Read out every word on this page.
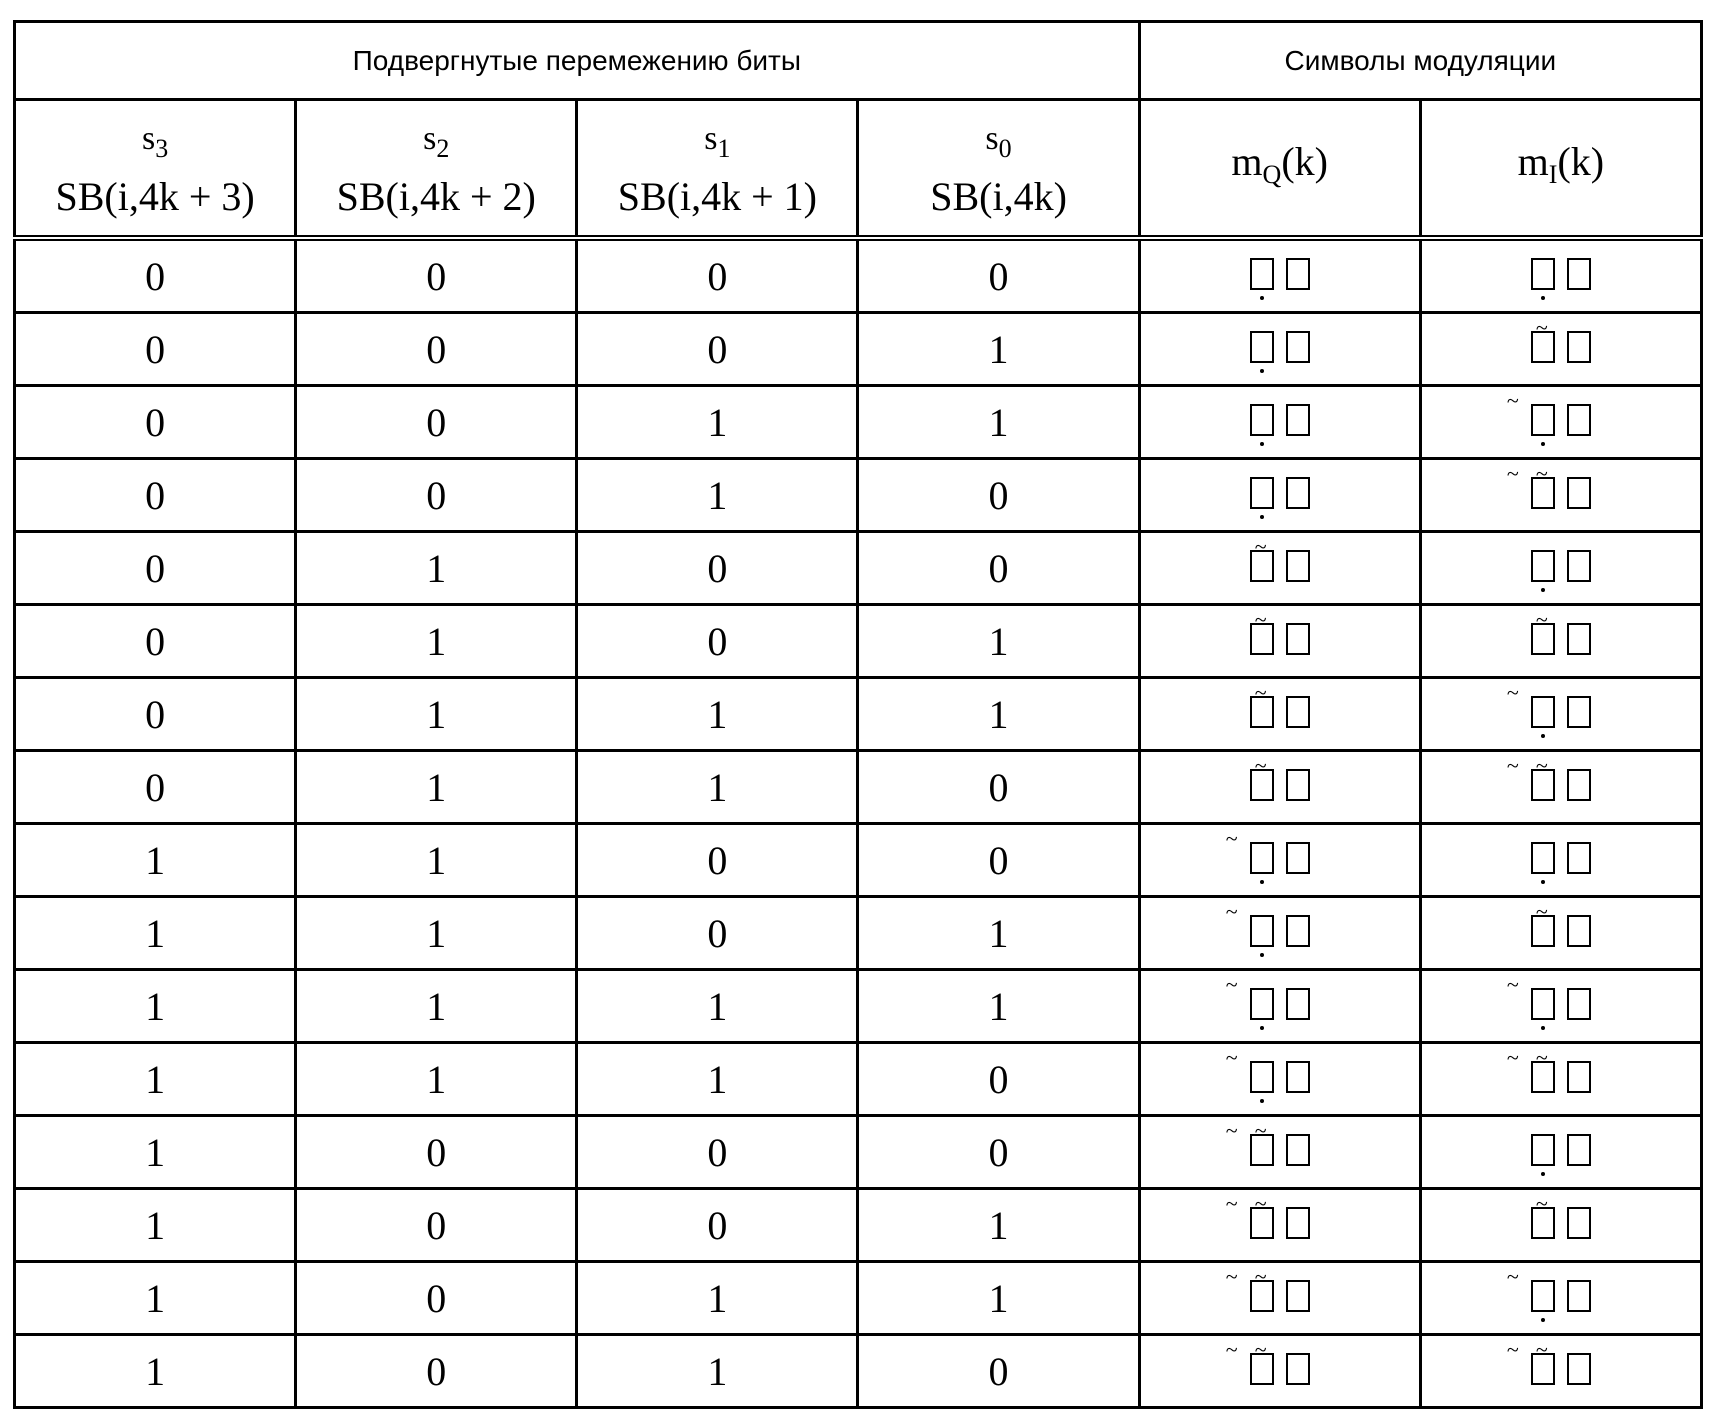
Подвергнутые перемежению биты	Символы модуляции

s3
SB(i,4k + 3)

s2
SB(i,4k + 2)

s1
SB(i,4k + 1)

s0
SB(i,4k)
	mQ(k)	mI(k)
0	0	0	0	

0	0	0	1		~

0	0	1	1		~

0	0	1	0		~ ~

0	1	0	0	~

0	1	0	1	~	~

0	1	1	1	~	~

0	1	1	0	~	~ ~

1	1	0	0	~

1	1	0	1	~	~

1	1	1	1	~	~

1	1	1	0	~	~ ~

1	0	0	0	~ ~

1	0	0	1	~ ~	~

1	0	1	1	~ ~	~

1	0	1	0	~ ~	~ ~
